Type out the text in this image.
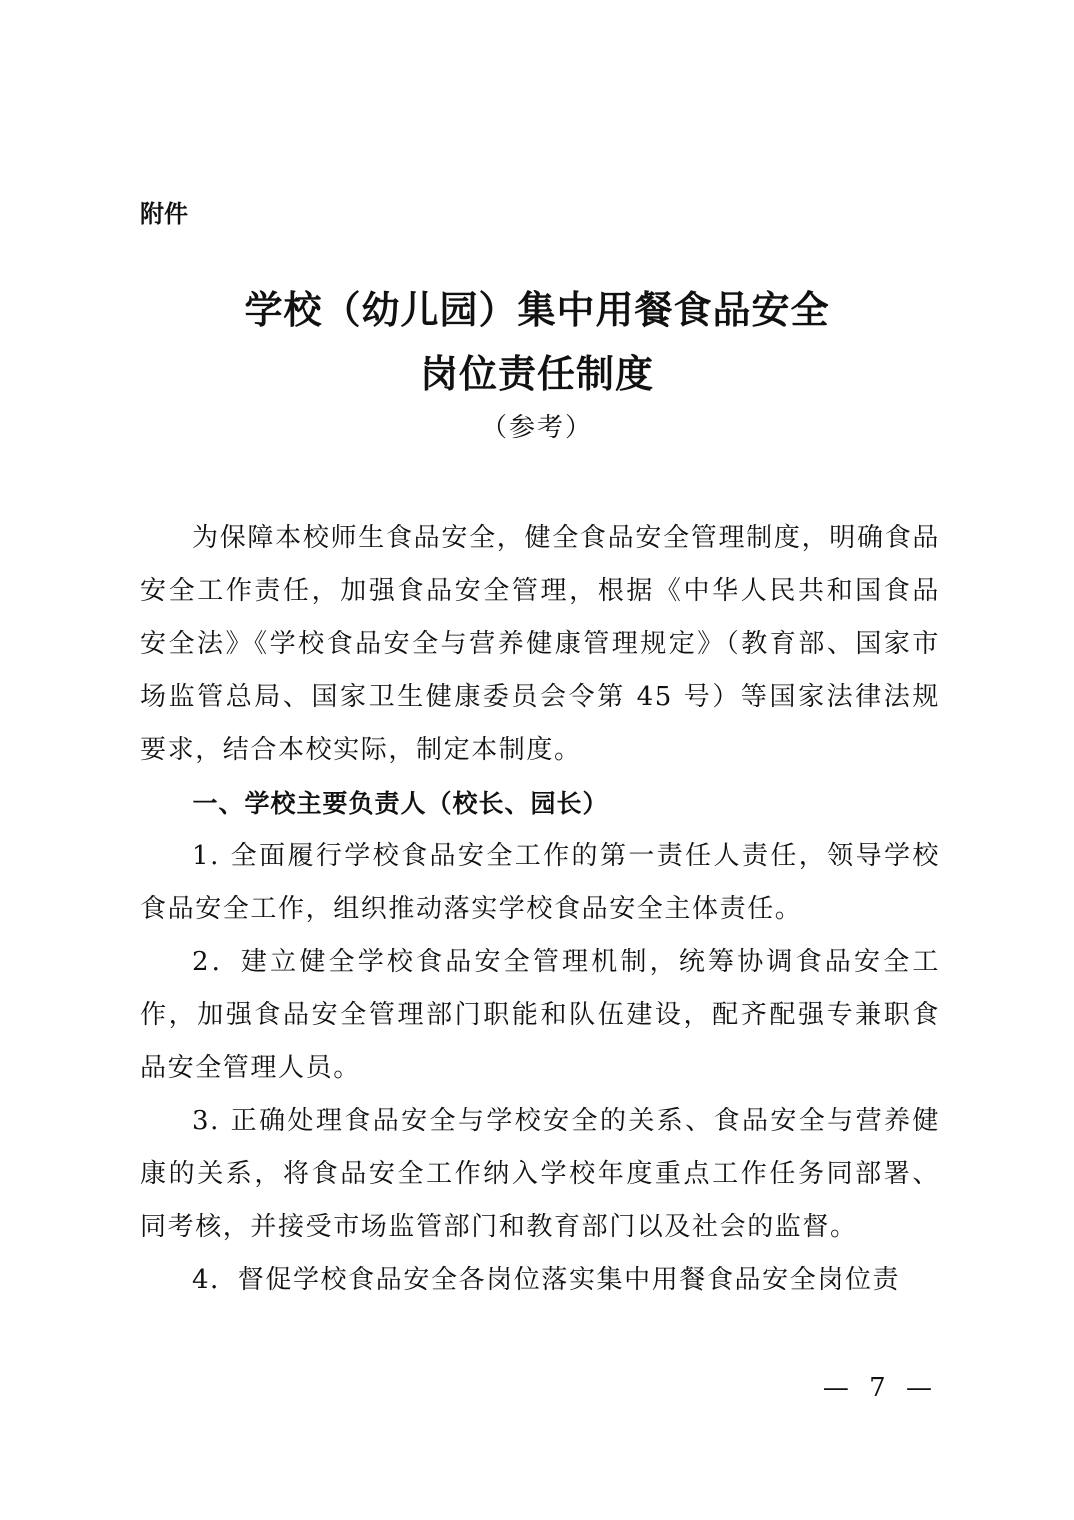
附件
学校（幼儿园）集中用餐食品安全
岗位责任制度
（参考）

为保障本校师生食品安全，健全食品安全管理制度，明确食品安全工作责任，加强食品安全管理，根据《中华人民共和国食品安全法》《学校食品安全与营养健康管理规定》（教育部、国家市场监管总局、国家卫生健康委员会令第 45 号）等国家法律法规要求，结合本校实际，制定本制度。

一、学校主要负责人（校长、园长）

1. 全面履行学校食品安全工作的第一责任人责任，领导学校食品安全工作，组织推动落实学校食品安全主体责任。

2．建立健全学校食品安全管理机制，统筹协调食品安全工作，加强食品安全管理部门职能和队伍建设，配齐配强专兼职食品安全管理人员。

3. 正确处理食品安全与学校安全的关系、食品安全与营养健康的关系，将食品安全工作纳入学校年度重点工作任务同部署、同考核，并接受市场监管部门和教育部门以及社会的监督。

4．督促学校食品安全各岗位落实集中用餐食品安全岗位责

— 7 —
